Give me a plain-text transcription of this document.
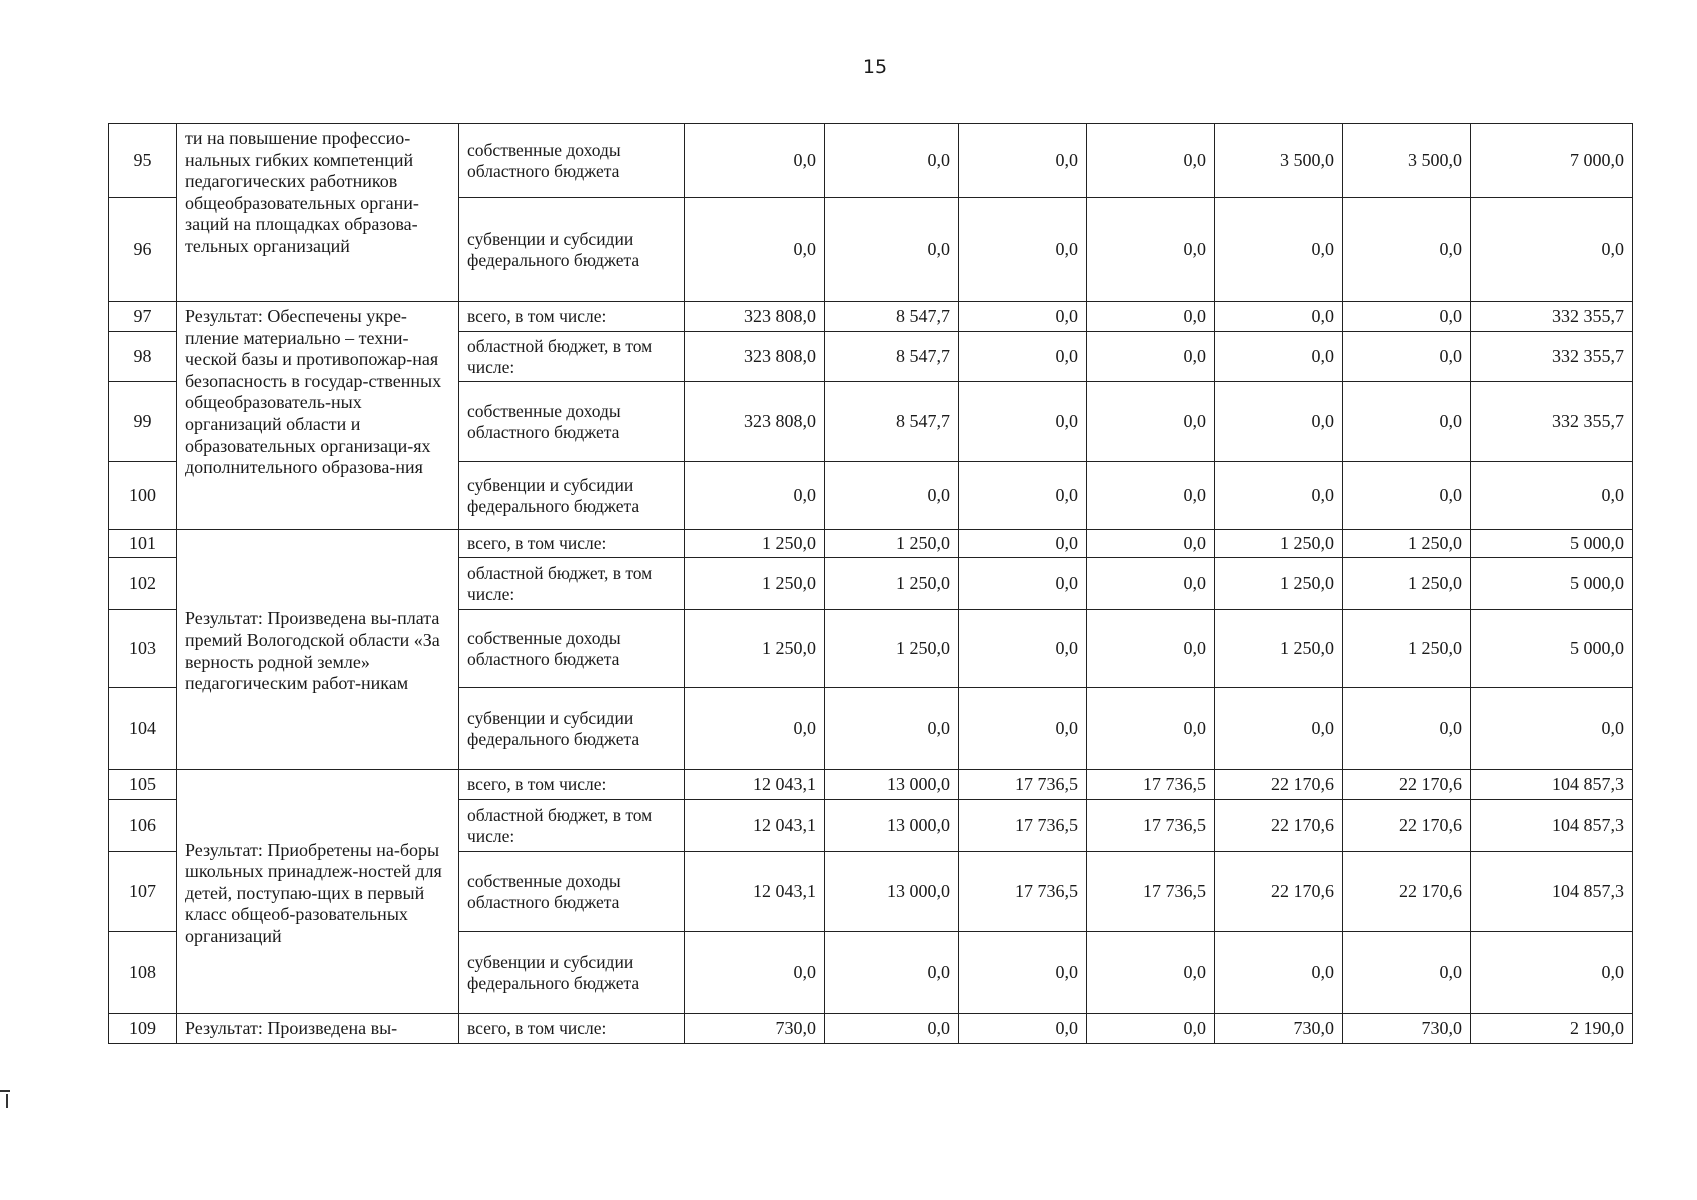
15
95	ти на повышение профессио-нальных гибких компетенций педагогических работников общеобразовательных органи-заций на площадках образова-тельных организаций	собственные доходы областного бюджета	0,0	0,0	0,0	0,0	3 500,0	3 500,0	7 000,0
96		субвенции и субсидии федерального бюджета	0,0	0,0	0,0	0,0	0,0	0,0	0,0
97	Результат: Обеспечены укре-пление материально – техни-ческой базы и противопожар-ная безопасность в государ-ственных общеобразователь-ных организаций области и образовательных организаци-ях дополнительного образова-ния	всего, в том числе:	323 808,0	8 547,7	0,0	0,0	0,0	0,0	332 355,7
98		областной бюджет, в том числе:	323 808,0	8 547,7	0,0	0,0	0,0	0,0	332 355,7
99		собственные доходы областного бюджета	323 808,0	8 547,7	0,0	0,0	0,0	0,0	332 355,7
100		субвенции и субсидии федерального бюджета	0,0	0,0	0,0	0,0	0,0	0,0	0,0
101	Результат: Произведена вы-плата премий Вологодской области «За верность родной земле» педагогическим работ-никам	всего, в том числе:	1 250,0	1 250,0	0,0	0,0	1 250,0	1 250,0	5 000,0
102		областной бюджет, в том числе:	1 250,0	1 250,0	0,0	0,0	1 250,0	1 250,0	5 000,0
103		собственные доходы областного бюджета	1 250,0	1 250,0	0,0	0,0	1 250,0	1 250,0	5 000,0
104		субвенции и субсидии федерального бюджета	0,0	0,0	0,0	0,0	0,0	0,0	0,0
105	Результат: Приобретены на-боры школьных принадлеж-ностей для детей, поступаю-щих в первый класс общеоб-разовательных организаций	всего, в том числе:	12 043,1	13 000,0	17 736,5	17 736,5	22 170,6	22 170,6	104 857,3
106		областной бюджет, в том числе:	12 043,1	13 000,0	17 736,5	17 736,5	22 170,6	22 170,6	104 857,3
107		собственные доходы областного бюджета	12 043,1	13 000,0	17 736,5	17 736,5	22 170,6	22 170,6	104 857,3
108		субвенции и субсидии федерального бюджета	0,0	0,0	0,0	0,0	0,0	0,0	0,0
109	Результат: Произведена вы-	всего, в том числе:	730,0	0,0	0,0	0,0	730,0	730,0	2 190,0
